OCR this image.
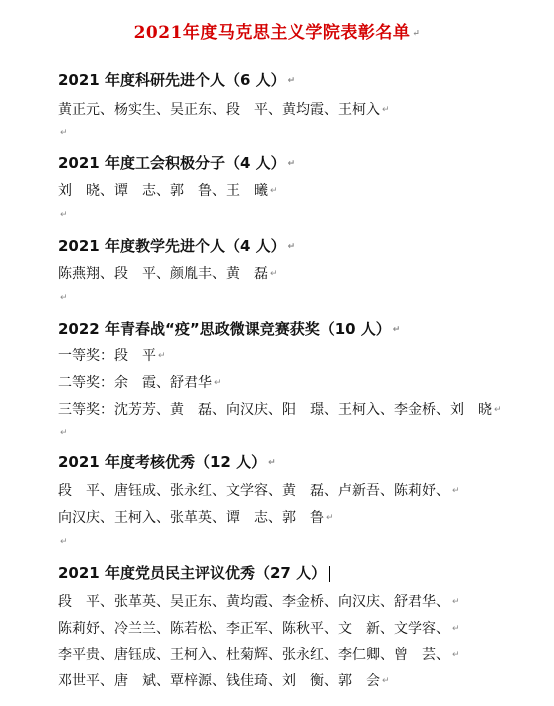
2021年度马克思主义学院表彰名单 ↵
2021 年度科研先进个人（6 人） ↵
黄正元、杨实生、吴正东、段　平、黄均霞、王柯入 ↵
↵
2021 年度工会积极分子（4 人） ↵
刘　晓、谭　志、郭　鲁、王　曦 ↵
↵
2021 年度教学先进个人（4 人） ↵
陈燕翔、段　平、颜胤丰、黄　磊 ↵
↵
2022 年青春战“疫”思政微课竞赛获奖（10 人） ↵
一等奖：段　平 ↵
二等奖：余　霞、舒君华 ↵
三等奖：沈芳芳、黄　磊、向汉庆、阳　璟、王柯入、李金桥、刘　晓 ↵
↵
2021 年度考核优秀（12 人） ↵
段　平、唐钰成、张永红、文学容、黄　磊、卢新吾、陈莉妤、 ↵
向汉庆、王柯入、张革英、谭　志、郭　鲁 ↵
↵
2021 年度党员民主评议优秀（27 人）
段　平、张革英、吴正东、黄均霞、李金桥、向汉庆、舒君华、 ↵
陈莉妤、冷兰兰、陈若松、李正军、陈秋平、文　新、文学容、 ↵
李平贵、唐钰成、王柯入、杜菊辉、张永红、李仁卿、曾　芸、 ↵
邓世平、唐　斌、覃梓源、钱佳琦、刘　衡、郭　会 ↵
